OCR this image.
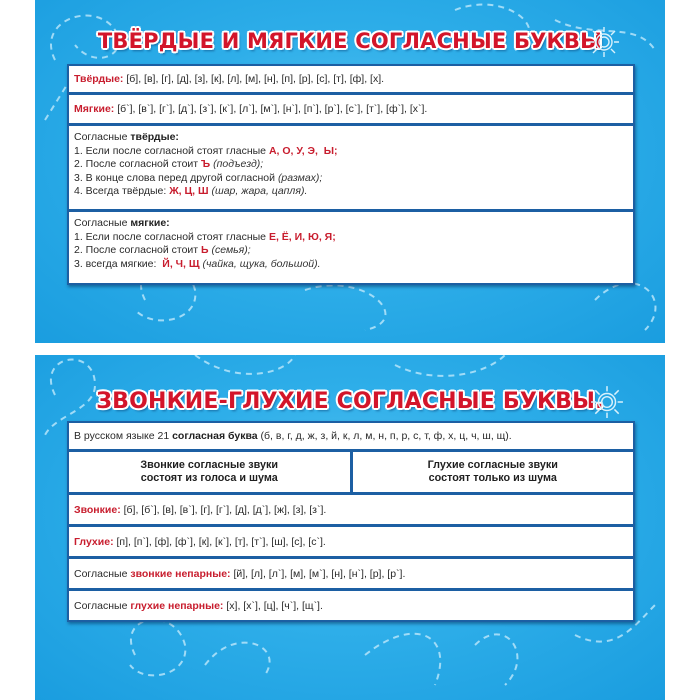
ТВЁРДЫЕ И МЯГКИЕ СОГЛАСНЫЕ БУКВЫ
Твёрдые: [б], [в], [г], [д], [з], [к], [л], [м], [н], [п], [р], [с], [т], [ф], [х].
Мягкие: [б`], [в`], [г`], [д`], [з`], [к`], [л`], [м`], [н`], [п`], [р`], [с`], [т`], [ф`], [х`].
Согласные твёрдые:
1. Если после согласной стоят гласные А, О, У, Э,  Ы;
2. После согласной стоит Ъ (подъезд);
3. В конце слова перед другой согласной (размах);
4. Всегда твёрдые: Ж, Ц, Ш (шар, жара, цапля).
Согласные мягкие:
1. Если после согласной стоят гласные Е, Ё, И, Ю, Я;
2. После согласной стоит Ь (семья);
3. всегда мягкие:  Й, Ч, Щ (чайка, щука, большой).
ЗВОНКИЕ-ГЛУХИЕ СОГЛАСНЫЕ БУКВЫ.
В русском языке 21 согласная буква (б, в, г, д, ж, з, й, к, л, м, н, п, р, с, т, ф, х, ц, ч, ш, щ).
Звонкие согласные звуки состоят из голоса и шума
Глухие согласные звуки состоят только из шума
Звонкие: [б], [б`], [в], [в`], [г], [г`], [д], [д`], [ж], [з], [з`].
Глухие: [п], [п`], [ф], [ф`], [к], [к`], [т], [т`], [ш], [с], [с`].
Согласные звонкие непарные: [й], [л], [л`], [м], [м`], [н], [н`], [р], [р`].
Согласные глухие непарные: [х], [х`], [ц], [ч`], [щ`].
